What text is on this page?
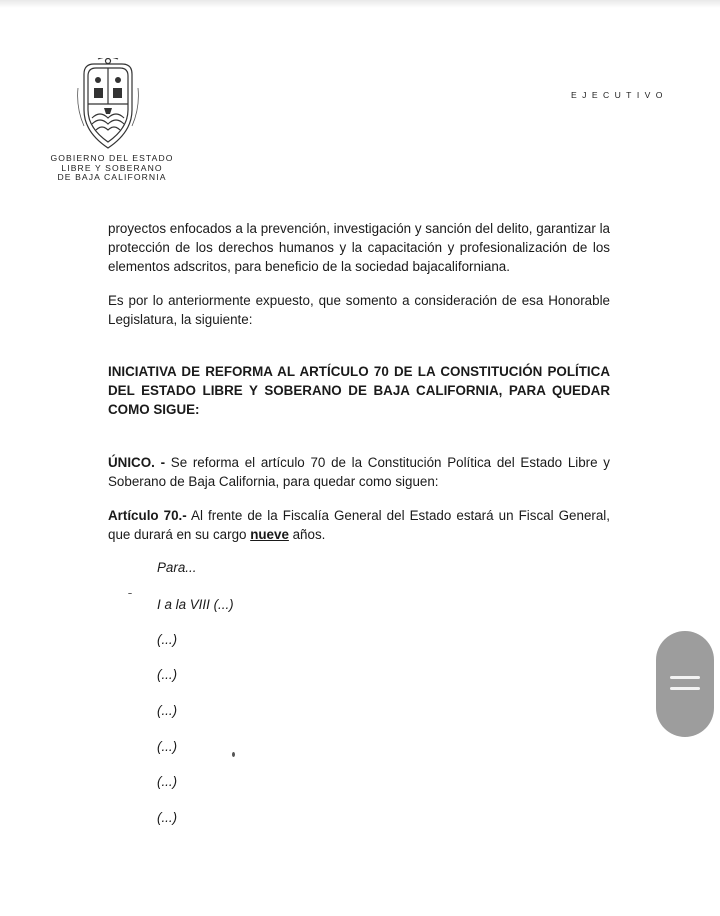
GOBIERNO DEL ESTADO
LIBRE Y SOBERANO
DE BAJA CALIFORNIA
EJECUTIVO
proyectos enfocados a la prevención, investigación y sanción del delito, garantizar la protección de los derechos humanos y la capacitación y profesionalización de los elementos adscritos, para beneficio de la sociedad bajacaliforniana.
Es por lo anteriormente expuesto, que somento a consideración de esa Honorable Legislatura, la siguiente:
INICIATIVA DE REFORMA AL ARTÍCULO 70 DE LA CONSTITUCIÓN POLÍTICA DEL ESTADO LIBRE Y SOBERANO DE BAJA CALIFORNIA, PARA QUEDAR COMO SIGUE:
ÚNICO. - Se reforma el artículo 70 de la Constitución Política del Estado Libre y Soberano de Baja California, para quedar como siguen:
Artículo 70.- Al frente de la Fiscalía General del Estado estará un Fiscal General, que durará en su cargo nueve años.
Para...
I a la VIII (...)
(...)
(...)
(...)
(...)
(...)
(...)
